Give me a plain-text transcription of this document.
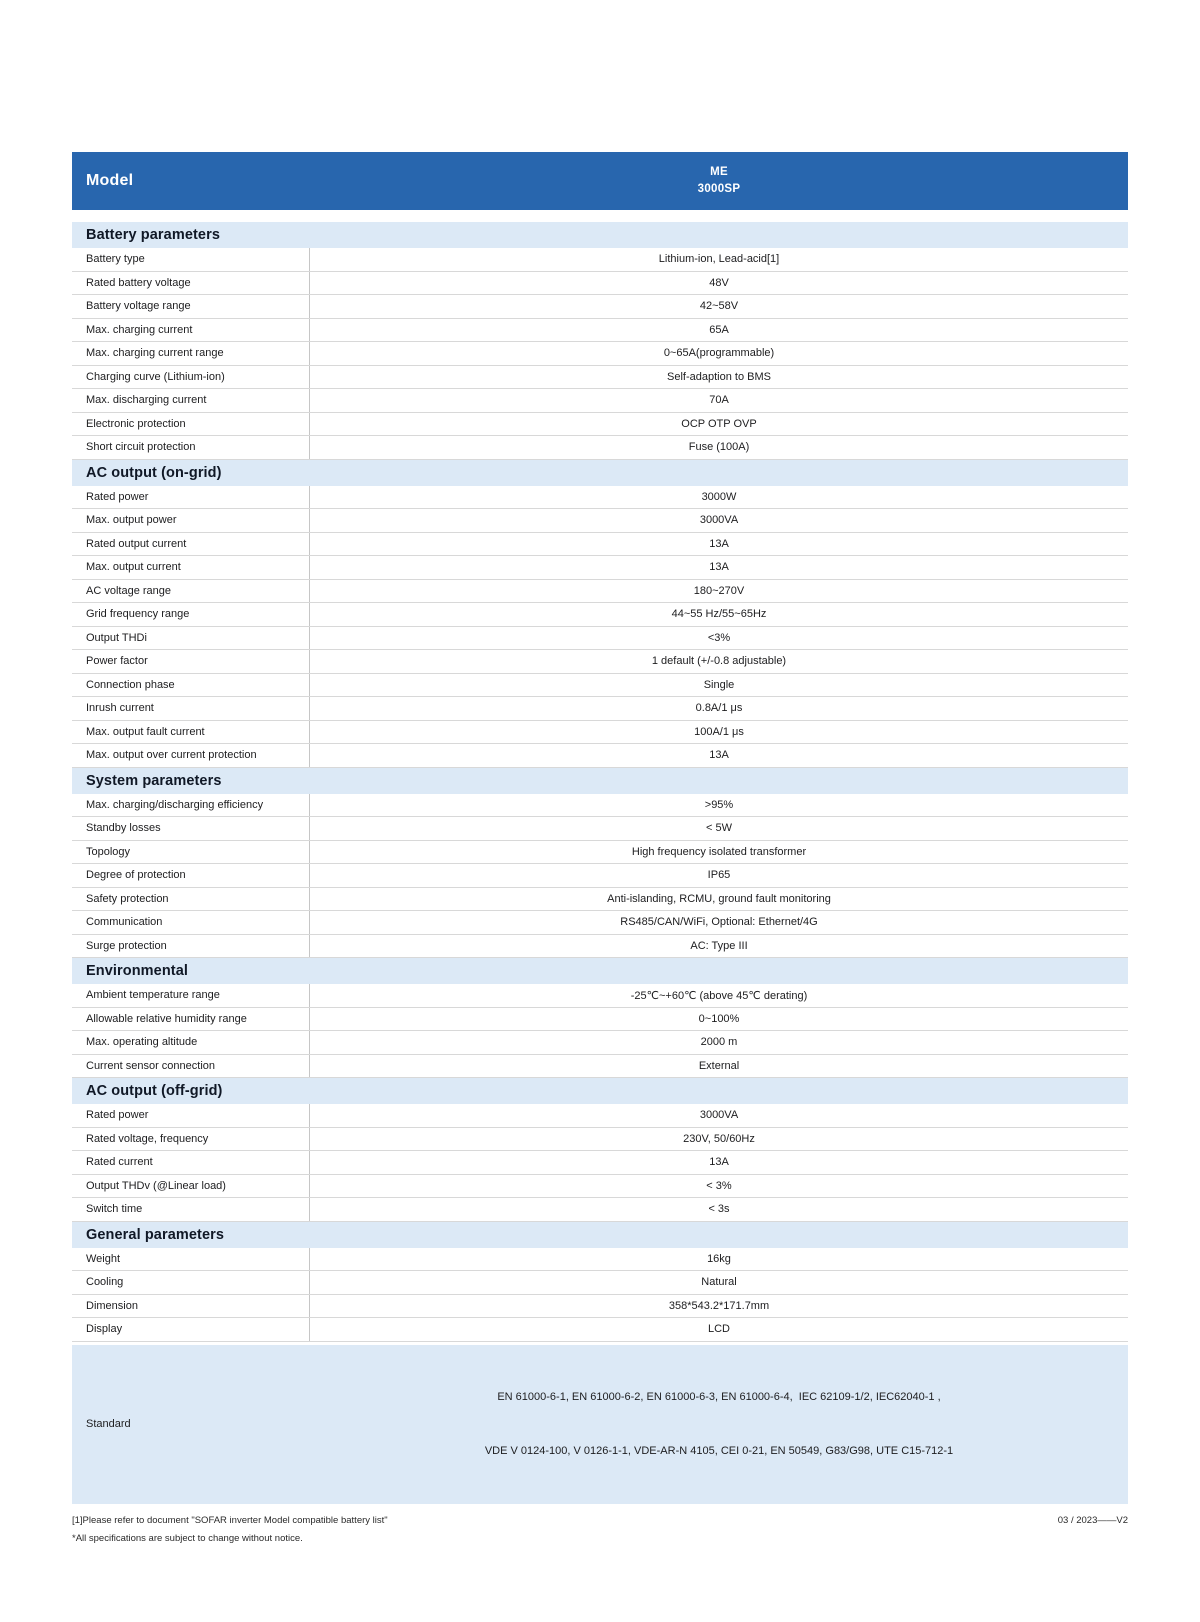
Model
ME
3000SP
Battery parameters
Battery type	Lithium-ion, Lead-acid[1]
Rated battery voltage	48V
Battery voltage range	42~58V
Max. charging current	65A
Max. charging current range	0~65A(programmable)
Charging curve (Lithium-ion)	Self-adaption to BMS
Max. discharging current	70A
Electronic protection	OCP OTP OVP
Short circuit protection	Fuse (100A)
AC output (on-grid)
Rated power	3000W
Max. output power	3000VA
Rated output current	13A
Max. output current	13A
AC voltage range	180~270V
Grid frequency range	44~55 Hz/55~65Hz
Output THDi	<3%
Power factor	1 default (+/-0.8 adjustable)
Connection phase	Single
Inrush current	0.8A/1 μs
Max. output fault current	100A/1 μs
Max. output over current protection	13A
System parameters
Max. charging/discharging efficiency	>95%
Standby losses	< 5W
Topology	High frequency isolated transformer
Degree of protection	IP65
Safety protection	Anti-islanding, RCMU, ground fault monitoring
Communication	RS485/CAN/WiFi, Optional: Ethernet/4G
Surge protection	AC: Type III
Environmental
Ambient temperature range	-25℃~+60℃ (above 45℃ derating)
Allowable relative humidity range	0~100%
Max. operating altitude	2000 m
Current sensor connection	External
AC output (off-grid)
Rated power	3000VA
Rated voltage, frequency	230V, 50/60Hz
Rated current	13A
Output THDv (@Linear load)	< 3%
Switch time	< 3s
General parameters
Weight	16kg
Cooling	Natural
Dimension	358*543.2*171.7mm
Display	LCD
Standard

EN 61000-6-1, EN 61000-6-2, EN 61000-6-3, EN 61000-6-4,  IEC 62109-1/2, IEC62040-1 ,

VDE V 0124-100, V 0126-1-1, VDE-AR-N 4105, CEI 0-21, EN 50549, G83/G98, UTE C15-712-1

[1]Please refer to document "SOFAR inverter Model compatible battery list"	03 / 2023——V2
*All specifications are subject to change without notice.
